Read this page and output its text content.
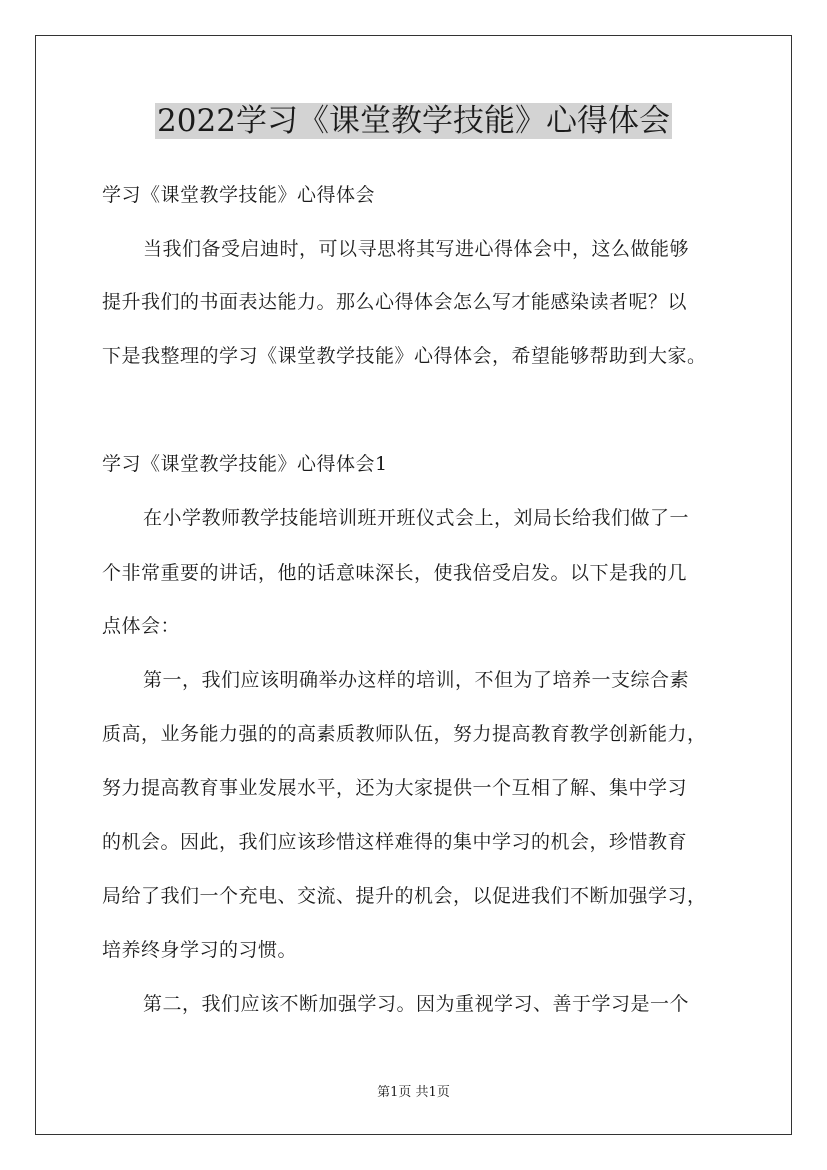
2022学习《课堂教学技能》心得体会
学习《课堂教学技能》心得体会
当我们备受启迪时，可以寻思将其写进心得体会中，这么做能够
提升我们的书面表达能力。那么心得体会怎么写才能感染读者呢？以
下是我整理的学习《课堂教学技能》心得体会，希望能够帮助到大家。
学习《课堂教学技能》心得体会1
在小学教师教学技能培训班开班仪式会上，刘局长给我们做了一
个非常重要的讲话，他的话意味深长，使我倍受启发。以下是我的几
点体会：
第一，我们应该明确举办这样的培训，不但为了培养一支综合素
质高，业务能力强的的高素质教师队伍，努力提高教育教学创新能力，
努力提高教育事业发展水平，还为大家提供一个互相了解、集中学习
的机会。因此，我们应该珍惜这样难得的集中学习的机会，珍惜教育
局给了我们一个充电、交流、提升的机会，以促进我们不断加强学习，
培养终身学习的习惯。
第二，我们应该不断加强学习。因为重视学习、善于学习是一个
第1页 共1页
